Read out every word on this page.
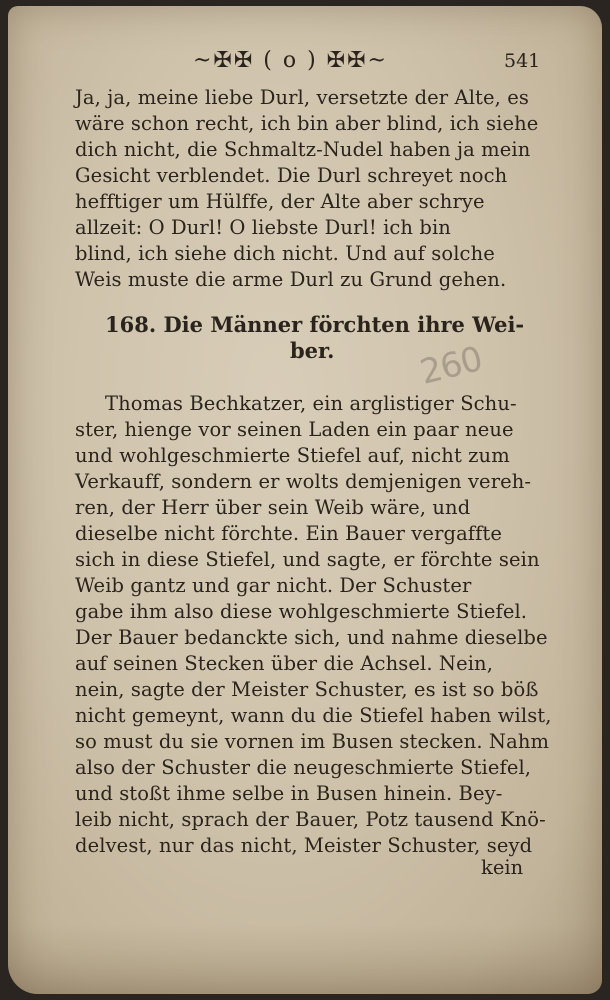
~✠✠ ( o ) ✠✠~	541
Ja, ja, meine liebe Durl, versetzte der Alte, es
wäre schon recht, ich bin aber blind, ich siehe
dich nicht, die Schmaltz-Nudel haben ja mein
Gesicht verblendet. Die Durl schreyet noch
hefftiger um Hülffe, der Alte aber schrye
allzeit: O Durl! O liebste Durl! ich bin
blind, ich siehe dich nicht. Und auf solche
Weis muste die arme Durl zu Grund gehen.
168. Die Männer förchten ihre Wei-
ber. 260
Thomas Bechkatzer, ein arglistiger Schu-
ster, hienge vor seinen Laden ein paar neue
und wohlgeschmierte Stiefel auf, nicht zum
Verkauff, sondern er wolts demjenigen vereh-
ren, der Herr über sein Weib wäre, und
dieselbe nicht förchte. Ein Bauer vergaffte
sich in diese Stiefel, und sagte, er förchte sein
Weib gantz und gar nicht. Der Schuster
gabe ihm also diese wohlgeschmierte Stiefel.
Der Bauer bedanckte sich, und nahme dieselbe
auf seinen Stecken über die Achsel. Nein,
nein, sagte der Meister Schuster, es ist so böß
nicht gemeynt, wann du die Stiefel haben wilst,
so must du sie vornen im Busen stecken. Nahm
also der Schuster die neugeschmierte Stiefel,
und stoßt ihme selbe in Busen hinein. Bey-
leib nicht, sprach der Bauer, Potz tausend Knö-
delvest, nur das nicht, Meister Schuster, seyd
kein
